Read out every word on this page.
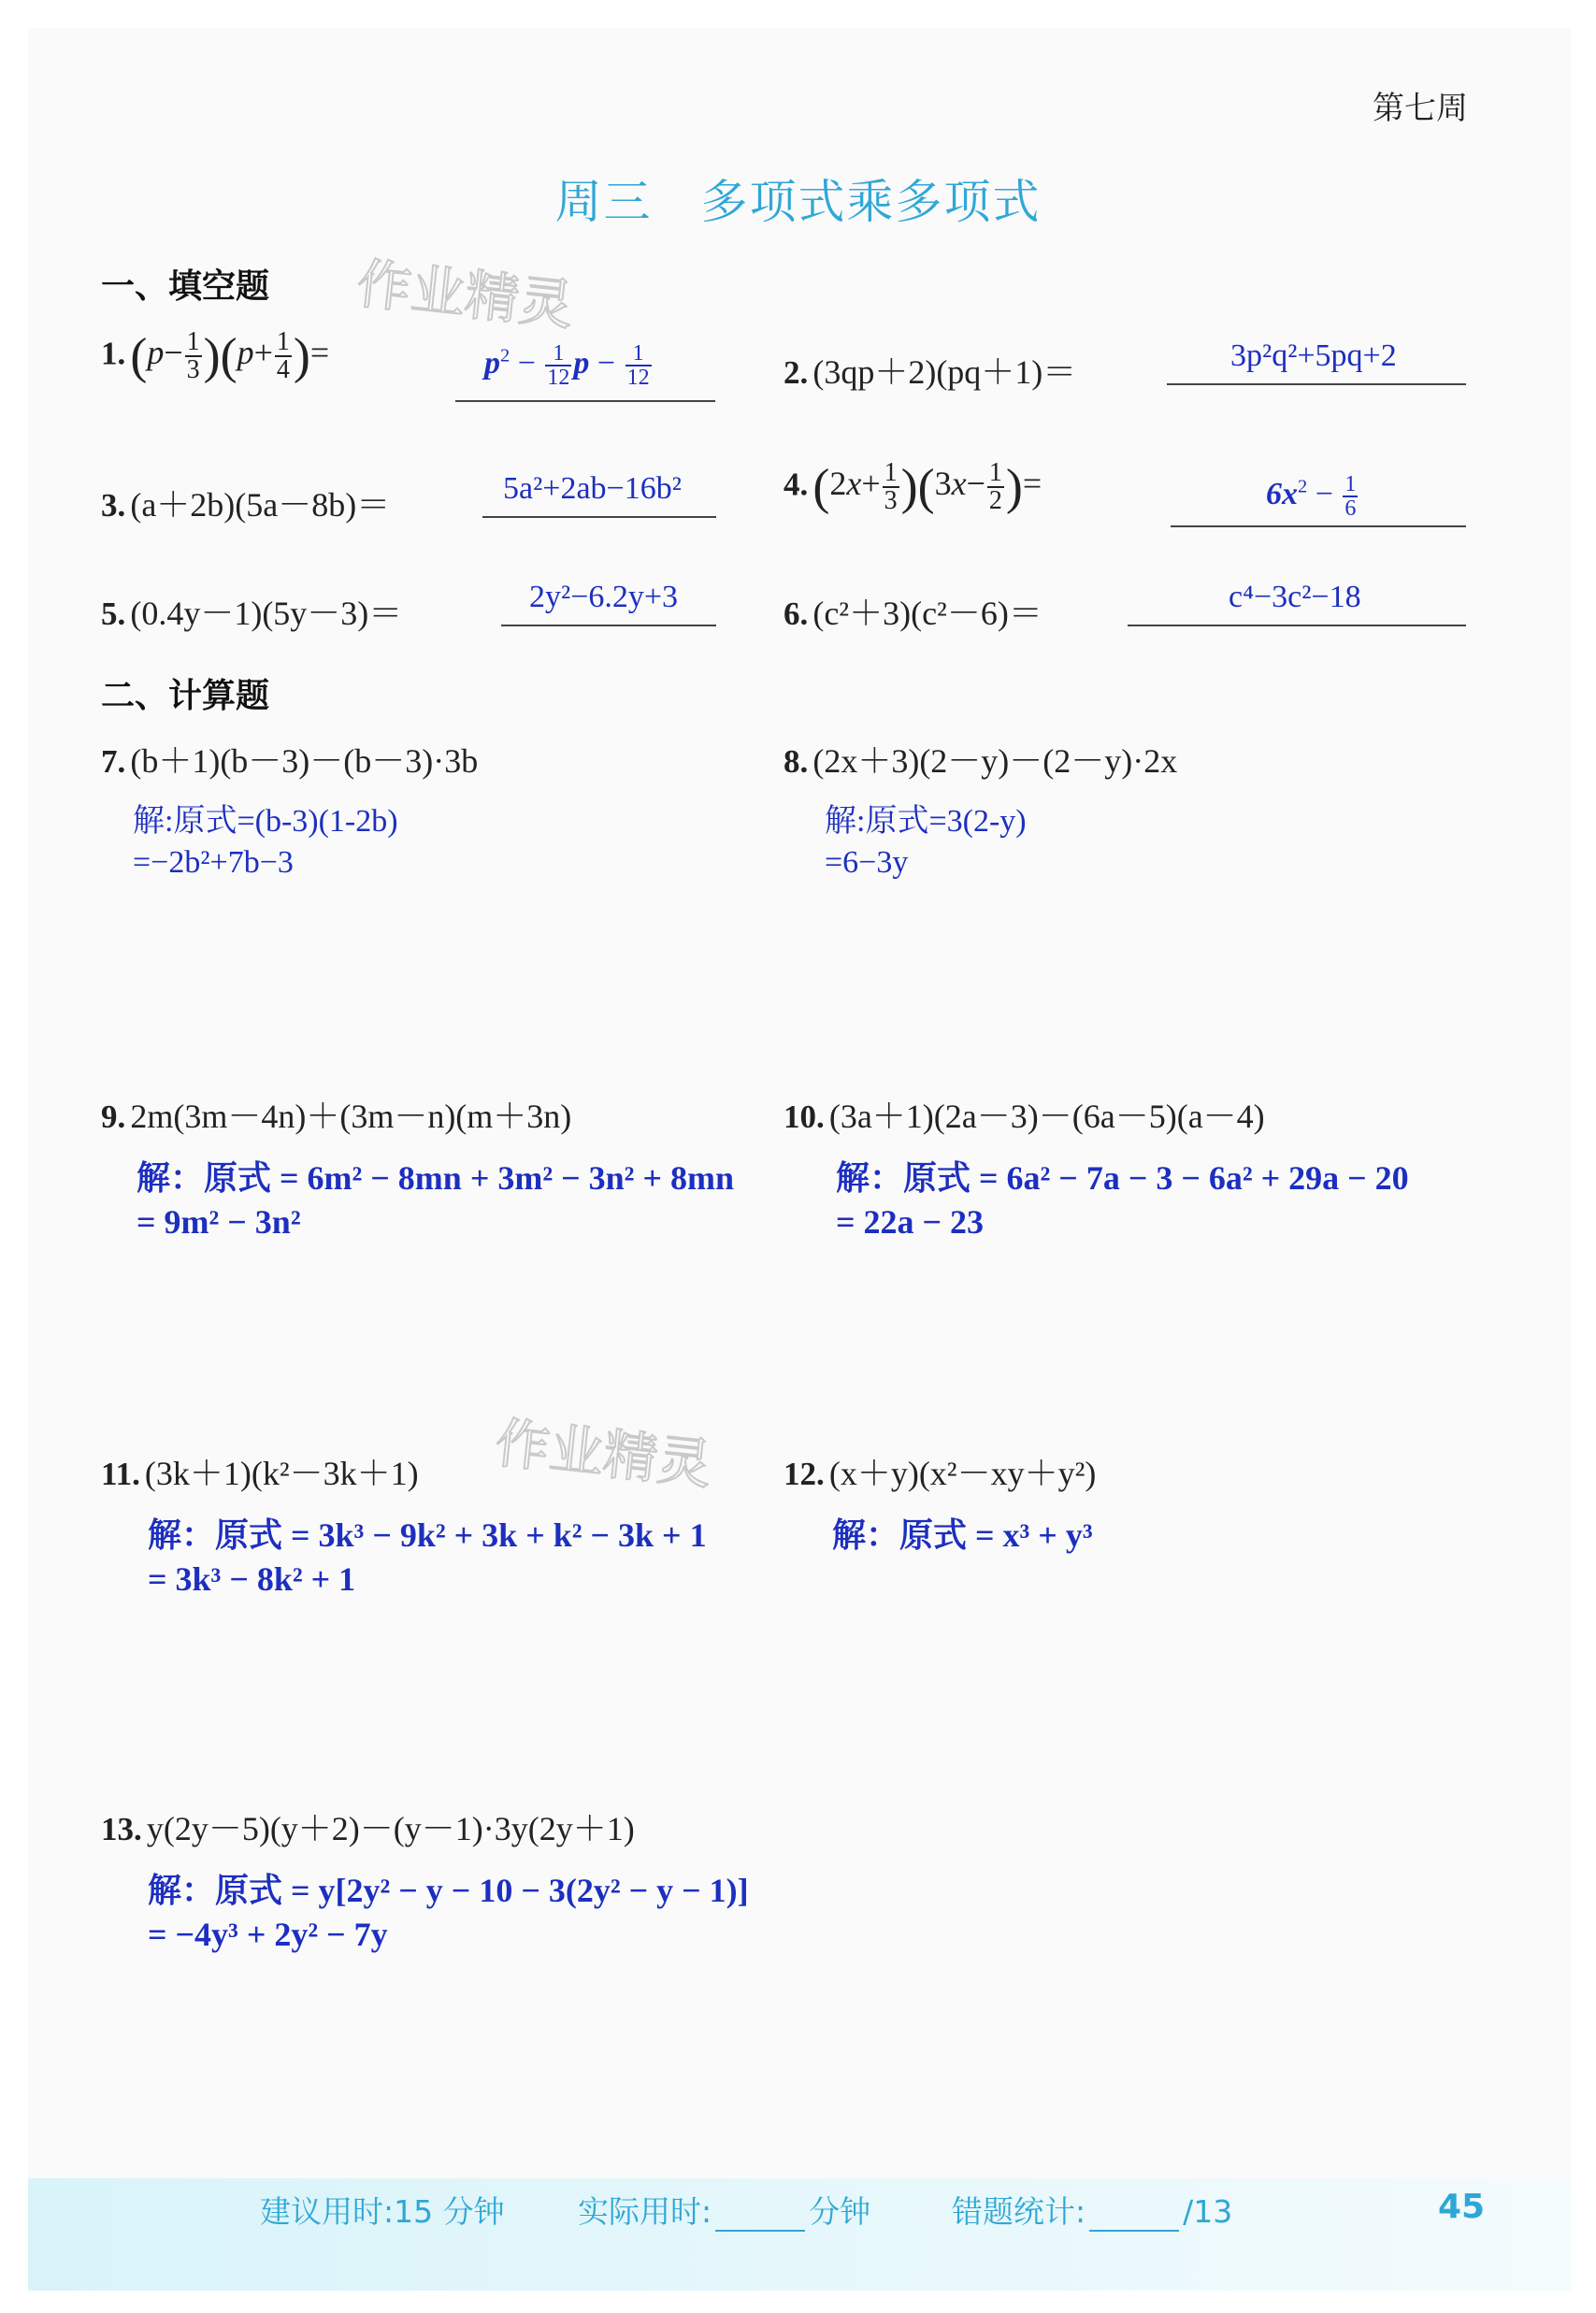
第七周
周三　多项式乘多项式
作业精灵
作业精灵
一、填空题
1. $(p- \frac{1}{3} )(p+ \frac{1}{4}$ )=	$p^2 - \frac{1}{12}$ $p - \frac{1}{12}$	2. (3qp＋2)(pq＋1)＝	3p²q²+5pq+2
3. (a＋2b)(5a－8b)＝	5a²+2ab−16b²	4. $(2x+ \frac{1}{3} )(3x- \frac{1}{2}$ )=	$6x^2 - \frac{1}{6}$
5. (0.4y－1)(5y－3)＝	2y²−6.2y+3	6. (c²＋3)(c²－6)＝	c⁴−3c²−18
二、计算题
7. (b＋1)(b－3)－(b－3)·3b
解:原式=(b-3)(1-2b)
=−2b²+7b−3
8. (2x＋3)(2－y)－(2－y)·2x
解:原式=3(2-y)
=6−3y
9. 2m(3m－4n)＋(3m－n)(m＋3n)
解：原式 = 6m² − 8mn + 3m² − 3n² + 8mn
= 9m² − 3n²
10. (3a＋1)(2a－3)－(6a－5)(a－4)
解：原式 = 6a² − 7a − 3 − 6a² + 29a − 20
= 22a − 23
11. (3k＋1)(k²－3k＋1)
解：原式 = 3k³ − 9k² + 3k + k² − 3k + 1
= 3k³ − 8k² + 1
12. (x＋y)(x²－xy＋y²)
解：原式 = x³ + y³
13. y(2y－5)(y＋2)－(y－1)·3y(2y＋1)
解：原式 = y[2y² − y − 10 − 3(2y² − y − 1)]
= −4y³ + 2y² − 7y
建议用时:15 分钟 实际用时:	分钟	错题统计:	/13	45
